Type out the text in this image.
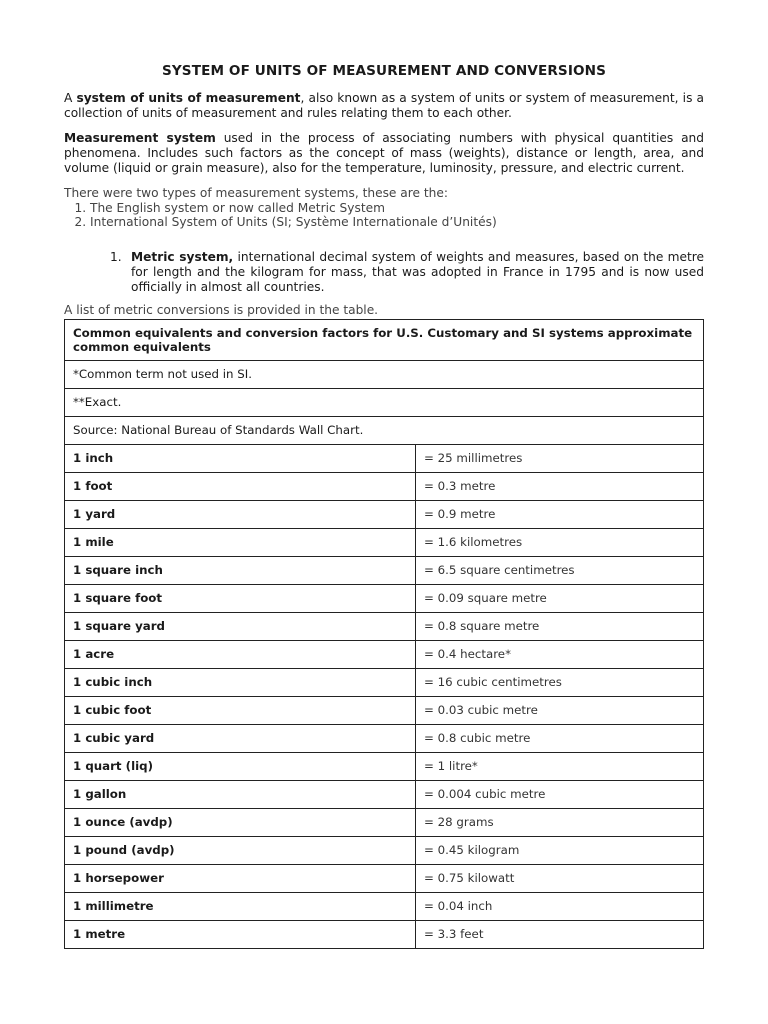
SYSTEM OF UNITS OF MEASUREMENT AND CONVERSIONS

A system of units of measurement, also known as a system of units or system of measurement, is a collection of units of measurement and rules relating them to each other.

Measurement system used in the process of associating numbers with physical quantities and phenomena. Includes such factors as the concept of mass (weights), distance or length, area, and volume (liquid or grain measure), also for the temperature, luminosity, pressure, and electric current.

There were two types of measurement systems, these are the:

1. The English system or now called Metric System
2. International System of Units (SI; Système Internationale d’Unités)
1. Metric system, international decimal system of weights and measures, based on the metre for length and the kilogram for mass, that was adopted in France in 1795 and is now used officially in almost all countries.

A list of metric conversions is provided in the table.

Common equivalents and conversion factors for U.S. Customary and SI systems approximate common equivalents	
*Common term not used in SI.	
**Exact.	
Source: National Bureau of Standards Wall Chart.	
1 inch	= 25 millimetres
1 foot	= 0.3 metre
1 yard	= 0.9 metre
1 mile	= 1.6 kilometres
1 square inch	= 6.5 square centimetres
1 square foot	= 0.09 square metre
1 square yard	= 0.8 square metre
1 acre	= 0.4 hectare*
1 cubic inch	= 16 cubic centimetres
1 cubic foot	= 0.03 cubic metre
1 cubic yard	= 0.8 cubic metre
1 quart (liq)	= 1 litre*
1 gallon	= 0.004 cubic metre
1 ounce (avdp)	= 28 grams
1 pound (avdp)	= 0.45 kilogram
1 horsepower	= 0.75 kilowatt
1 millimetre	= 0.04 inch
1 metre	= 3.3 feet
